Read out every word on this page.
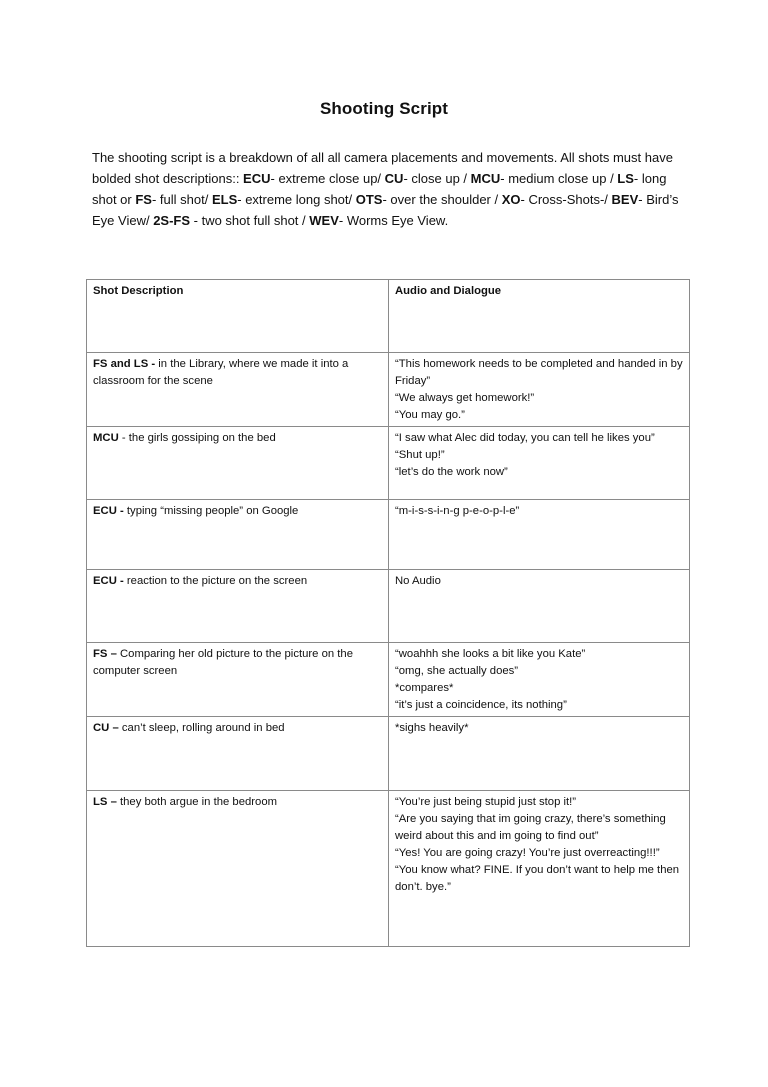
Shooting Script
The shooting script is a breakdown of all all camera placements and movements. All shots must have bolded shot descriptions:: ECU- extreme close up/ CU- close up / MCU- medium close up / LS- long shot or FS- full shot/ ELS- extreme long shot/ OTS- over the shoulder / XO- Cross-Shots-/ BEV- Bird’s Eye View/ 2S-FS - two shot full shot / WEV- Worms Eye View.
Shot Description	Audio and Dialogue
FS and LS - in the Library, where we made it into a classroom for the scene	“This homework needs to be completed and handed in by Friday”
“We always get homework!”
“You may go.”

MCU - the girls gossiping on the bed	“I saw what Alec did today, you can tell he likes you”
“Shut up!”
“let’s do the work now”

ECU - typing “missing people” on Google	“m-i-s-s-i-n-g p-e-o-p-l-e”

ECU - reaction to the picture on the screen	No Audio

FS – Comparing her old picture to the picture on the computer screen	“woahhh she looks a bit like you Kate”
“omg, she actually does”
*compares*
“it’s just a coincidence, its nothing”

CU – can’t sleep, rolling around in bed	*sighs heavily*

LS – they both argue in the bedroom	“You’re just being stupid just stop it!”
“Are you saying that im going crazy, there’s something weird about this and im going to find out”
“Yes! You are going crazy! You’re just overreacting!!!”
“You know what? FINE. If you don’t want to help me then don’t. bye.”
